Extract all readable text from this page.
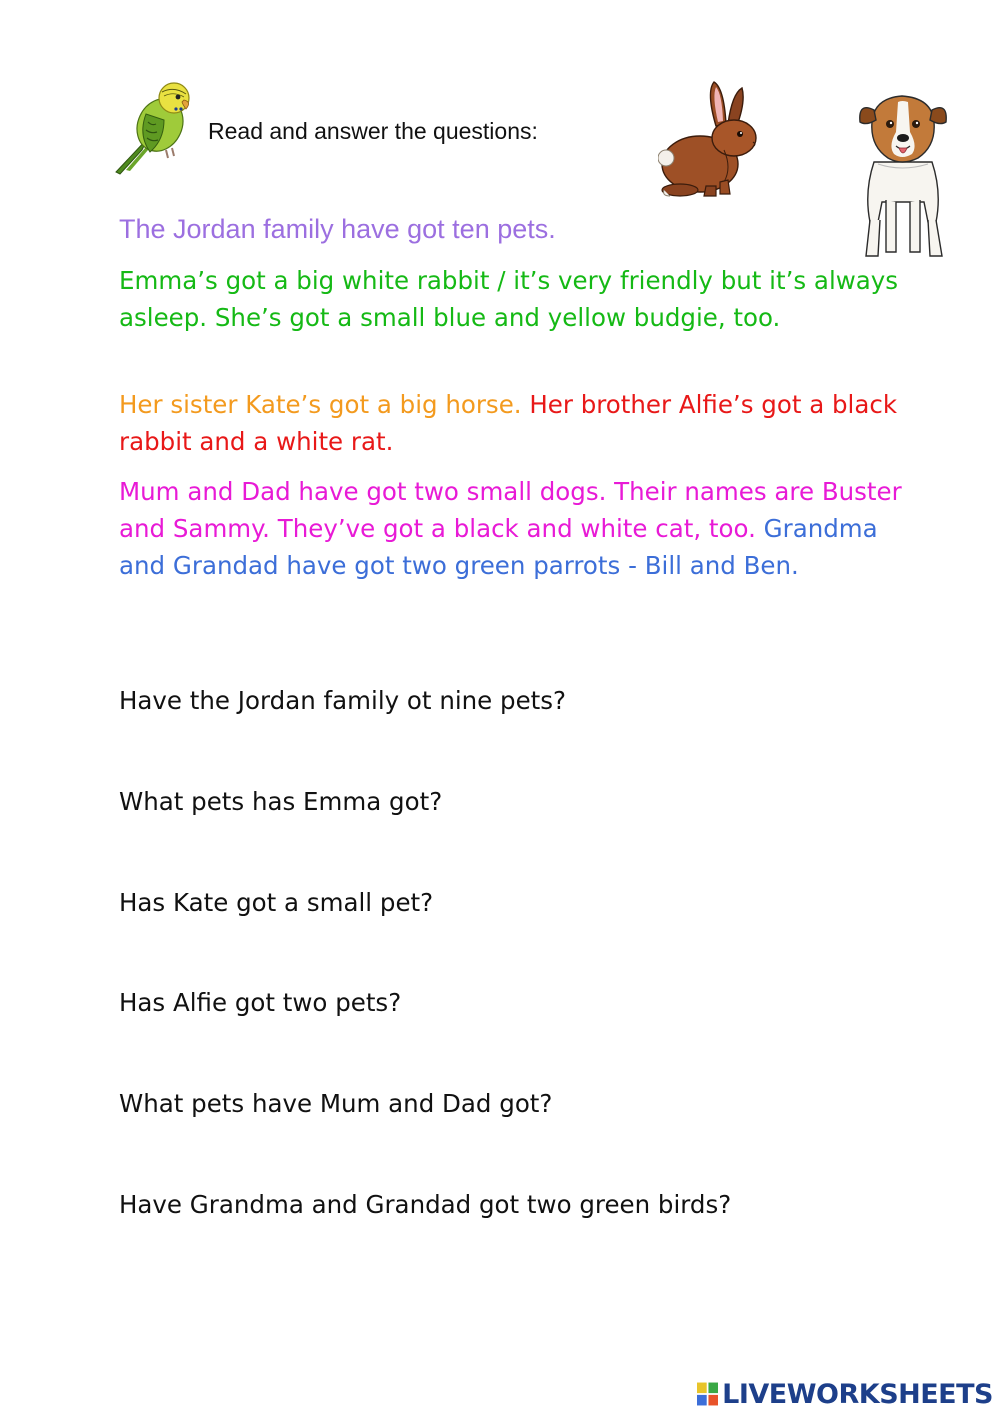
Read and answer the questions:

The Jordan family have got ten pets.

Emma’s got a big white rabbit / it’s very friendly but it’s always asleep. She’s got a small blue and yellow budgie, too.

Her sister Kate’s got a big horse. Her brother Alfie’s got a black rabbit and a white rat.

Mum and Dad have got two small dogs. Their names are Buster and Sammy. They’ve got a black and white cat, too. Grandma and Grandad have got two green parrots - Bill and Ben.

Have the Jordan family ot nine pets?
What pets has Emma got?
Has Kate got a small pet?
Has Alfie got two pets?
What pets have Mum and Dad got?
Have Grandma and Grandad got two green birds?
LIVEWORKSHEETS
